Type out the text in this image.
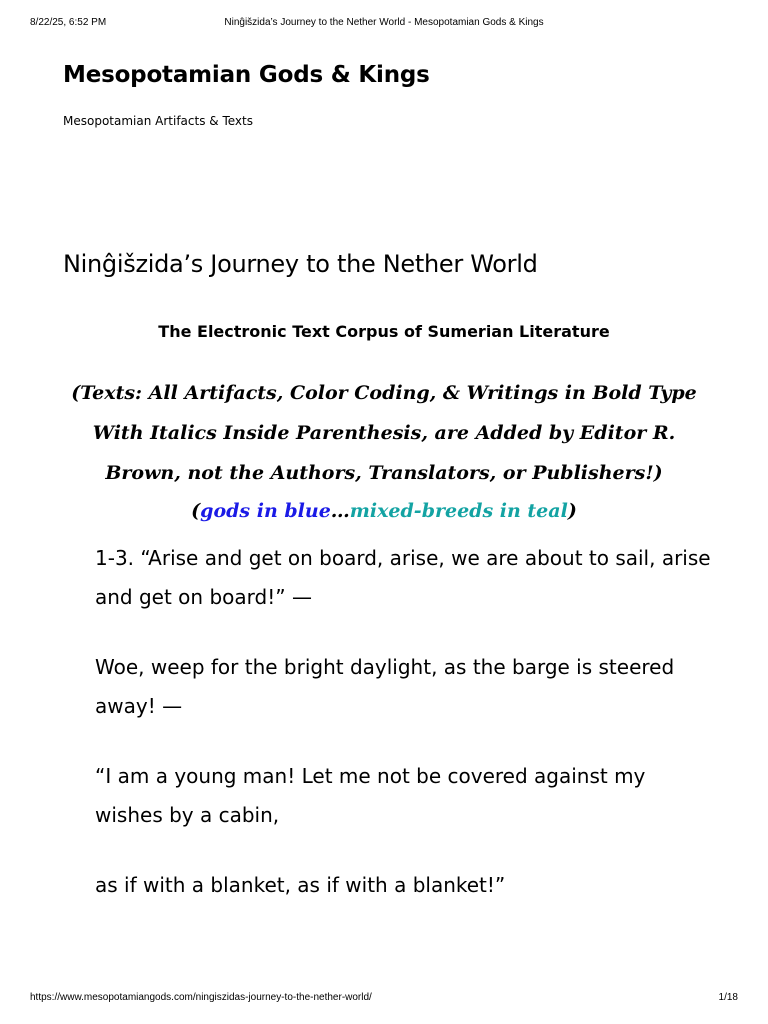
8/22/25, 6:52 PM	Ninĝišzida’s Journey to the Nether World - Mesopotamian Gods & Kings
Mesopotamian Gods & Kings
Mesopotamian Artifacts & Texts
Ninĝišzida’s Journey to the Nether World
The Electronic Text Corpus of Sumerian Literature
(Texts: All Artifacts, Color Coding, & Writings in Bold Type With Italics Inside Parenthesis, are Added by Editor R. Brown, not the Authors, Translators, or Publishers!)
(gods in blue…mixed-breeds in teal)

1-3. “Arise and get on board, arise, we are about to sail, arise and get on board!” —

Woe, weep for the bright daylight, as the barge is steered away! —

“I am a young man! Let me not be covered against my wishes by a cabin,

as if with a blanket, as if with a blanket!”

https://www.mesopotamiangods.com/ningiszidas-journey-to-the-nether-world/	1/18
